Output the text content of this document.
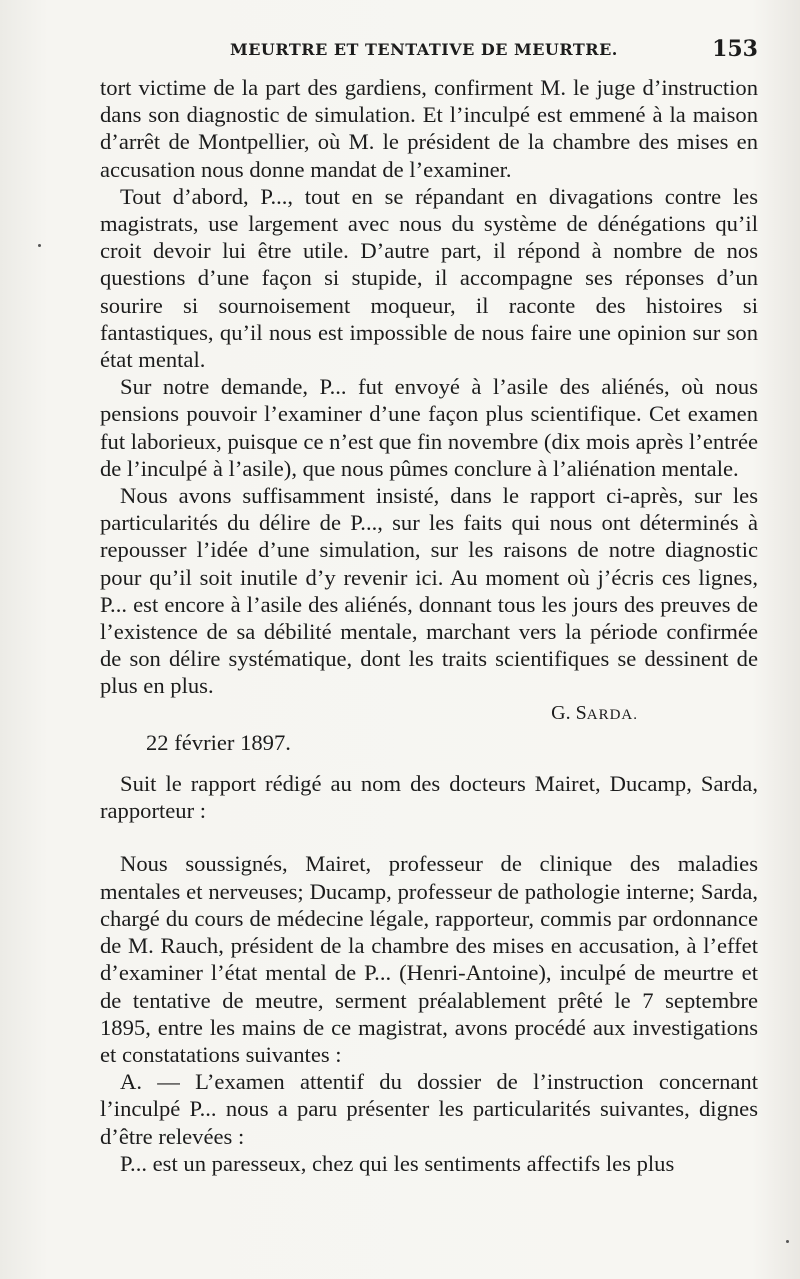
MEURTRE ET TENTATIVE DE MEURTRE.	153

tort victime de la part des gardiens, confirment M. le juge d’instruction dans son diagnostic de simulation. Et l’inculpé est emmené à la maison d’arrêt de Montpellier, où M. le président de la chambre des mises en accusation nous donne mandat de l’examiner.

Tout d’abord, P..., tout en se répandant en divagations contre les magistrats, use largement avec nous du système de dénégations qu’il croit devoir lui être utile. D’autre part, il répond à nombre de nos questions d’une façon si stupide, il accompagne ses réponses d’un sourire si sournoisement moqueur, il raconte des histoires si fantastiques, qu’il nous est impossible de nous faire une opinion sur son état mental.

Sur notre demande, P... fut envoyé à l’asile des aliénés, où nous pensions pouvoir l’examiner d’une façon plus scientifique. Cet examen fut laborieux, puisque ce n’est que fin novembre (dix mois après l’entrée de l’inculpé à l’asile), que nous pûmes conclure à l’aliénation mentale.

Nous avons suffisamment insisté, dans le rapport ci-après, sur les particularités du délire de P..., sur les faits qui nous ont déterminés à repousser l’idée d’une simulation, sur les raisons de notre diagnostic pour qu’il soit inutile d’y revenir ici. Au moment où j’écris ces lignes, P... est encore à l’asile des aliénés, donnant tous les jours des preuves de l’existence de sa débilité mentale, marchant vers la période confirmée de son délire systématique, dont les traits scientifiques se dessinent de plus en plus.

G. SARDA.

22 février 1897.

Suit le rapport rédigé au nom des docteurs Mairet, Ducamp, Sarda, rapporteur :

Nous soussignés, Mairet, professeur de clinique des maladies mentales et nerveuses; Ducamp, professeur de pathologie interne; Sarda, chargé du cours de médecine légale, rapporteur, commis par ordonnance de M. Rauch, président de la chambre des mises en accusation, à l’effet d’examiner l’état mental de P... (Henri-Antoine), inculpé de meurtre et de tentative de meutre, serment préalablement prêté le 7 septembre 1895, entre les mains de ce magistrat, avons procédé aux investigations et constatations suivantes :

A. — L’examen attentif du dossier de l’instruction concernant l’inculpé P... nous a paru présenter les particularités suivantes, dignes d’être relevées :

P... est un paresseux, chez qui les sentiments affectifs les plus
